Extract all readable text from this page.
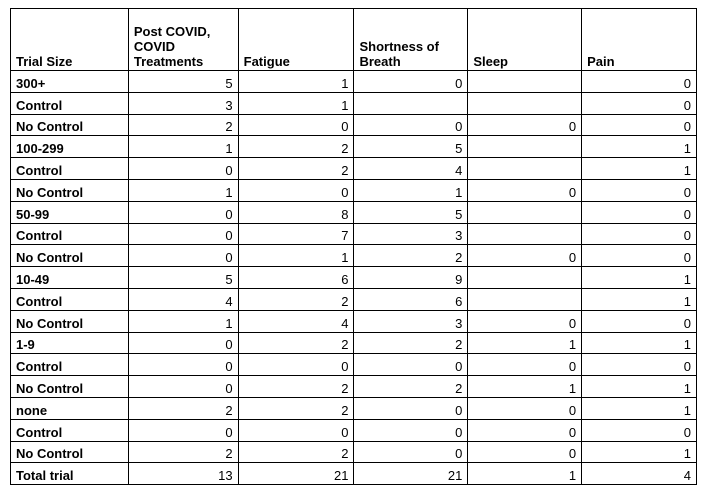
Trial Size	Post COVID, COVID Treatments	Fatigue	Shortness of Breath	Sleep	Pain
300+	5	1	0		0
Control	3	1			0
No Control	2	0	0	0	0
100-299	1	2	5		1
Control	0	2	4		1
No Control	1	0	1	0	0
50-99	0	8	5		0
Control	0	7	3		0
No Control	0	1	2	0	0
10-49	5	6	9		1
Control	4	2	6		1
No Control	1	4	3	0	0
1-9	0	2	2	1	1
Control	0	0	0	0	0
No Control	0	2	2	1	1
none	2	2	0	0	1
Control	0	0	0	0	0
No Control	2	2	0	0	1
Total trial	13	21	21	1	4
